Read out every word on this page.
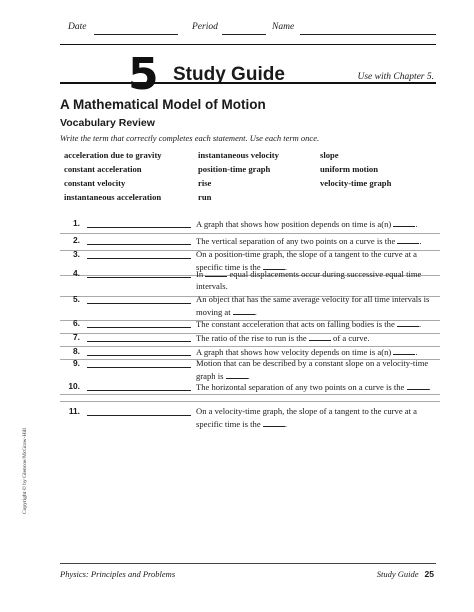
Date	Period	Name
5 Study Guide	Use with Chapter 5.
A Mathematical Model of Motion
Vocabulary Review
Write the term that correctly completes each statement. Use each term once.
acceleration due to gravity	instantaneous velocity	slope
constant acceleration	position-time graph	uniform motion
constant velocity	rise	velocity-time graph
instantaneous acceleration	run
1.	A graph that shows how position depends on time is a(n)	.
2.	The vertical separation of any two points on a curve is the	.
3.	On a position-time graph, the slope of a tangent to the curve at a specific time is the	.
4.	In	equal displacements occur during successive equal time intervals.
5.	An object that has the same average velocity for all time intervals is moving at	.
6.	The constant acceleration that acts on falling bodies is the	.
7.	The ratio of the rise to run is the	of a curve.
8.	A graph that shows how velocity depends on time is a(n)	.
9.	Motion that can be described by a constant slope on a velocity-time graph is	.
10.	The horizontal separation of any two points on a curve is the	.
11.	On a velocity-time graph, the slope of a tangent to the curve at a specific time is the	.
Copyright © by Glencoe/McGraw-Hill
Physics: Principles and Problems	Study Guide 25
